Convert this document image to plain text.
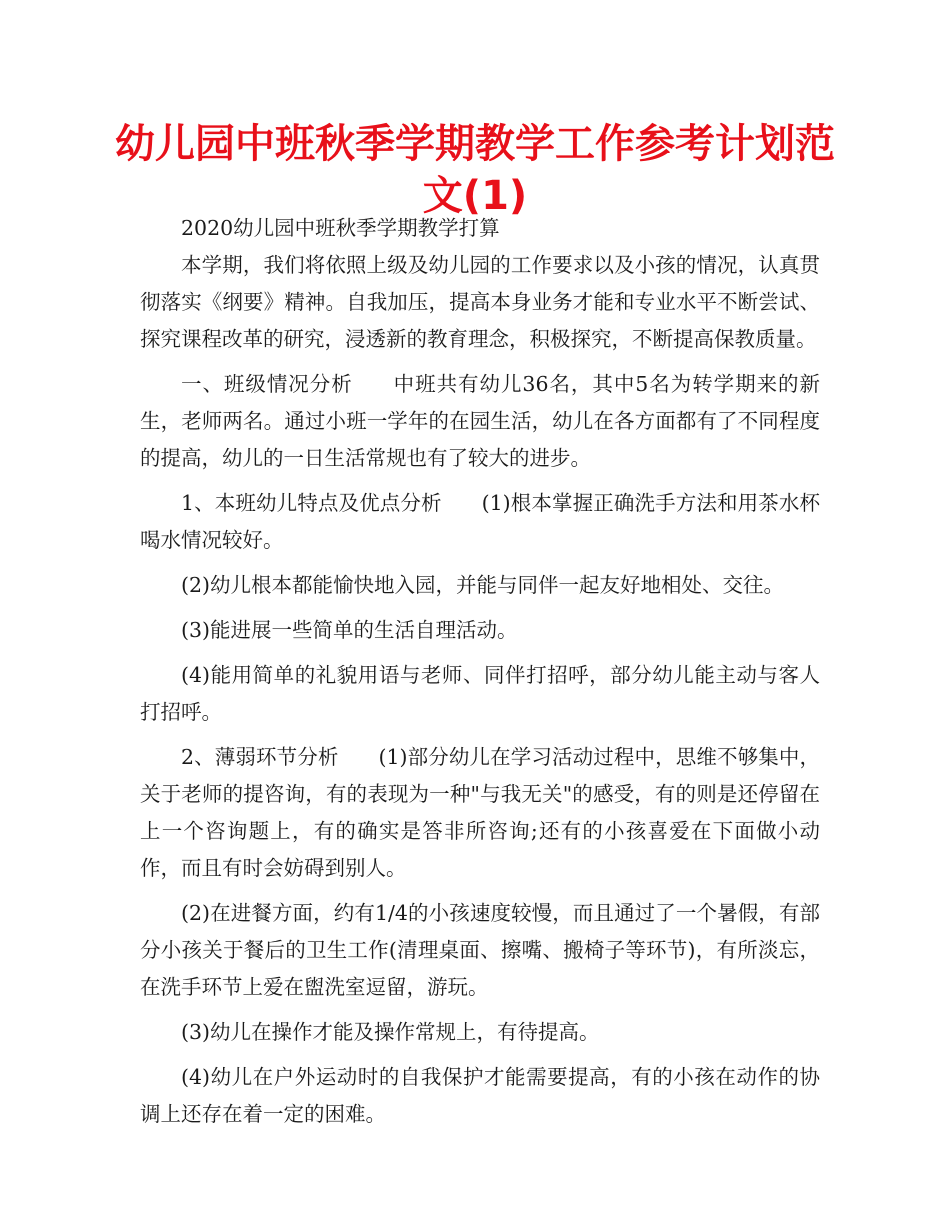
幼儿园中班秋季学期教学工作参考计划范文(1)

2020幼儿园中班秋季学期教学打算

本学期，我们将依照上级及幼儿园的工作要求以及小孩的情况，认真贯彻落实《纲要》精神。自我加压，提高本身业务才能和专业水平不断尝试、探究课程改革的研究，浸透新的教育理念，积极探究，不断提高保教质量。

一、班级情况分析 中班共有幼儿36名，其中5名为转学期来的新生，老师两名。通过小班一学年的在园生活，幼儿在各方面都有了不同程度的提高，幼儿的一日生活常规也有了较大的进步。

1、本班幼儿特点及优点分析 (1)根本掌握正确洗手方法和用茶水杯喝水情况较好。

(2)幼儿根本都能愉快地入园，并能与同伴一起友好地相处、交往。

(3)能进展一些简单的生活自理活动。

(4)能用简单的礼貌用语与老师、同伴打招呼，部分幼儿能主动与客人打招呼。

2、薄弱环节分析 (1)部分幼儿在学习活动过程中，思维不够集中，关于老师的提咨询，有的表现为一种"与我无关"的感受，有的则是还停留在上一个咨询题上，有的确实是答非所咨询;还有的小孩喜爱在下面做小动作，而且有时会妨碍到别人。

(2)在进餐方面，约有1/4的小孩速度较慢，而且通过了一个暑假，有部分小孩关于餐后的卫生工作(清理桌面、擦嘴、搬椅子等环节)，有所淡忘，在洗手环节上爱在盥洗室逗留，游玩。

(3)幼儿在操作才能及操作常规上，有待提高。

(4)幼儿在户外运动时的自我保护才能需要提高，有的小孩在动作的协调上还存在着一定的困难。
